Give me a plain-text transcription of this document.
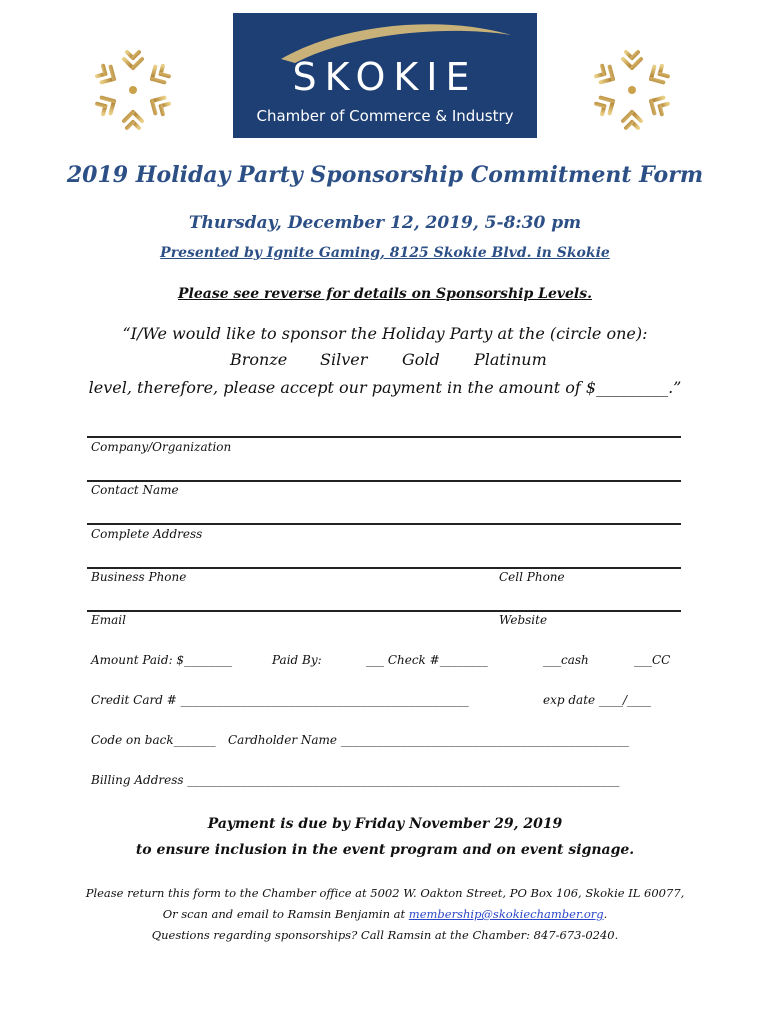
SKOKIE
Chamber of Commerce & Industry
2019 Holiday Party Sponsorship Commitment Form
Thursday, December 12, 2019, 5-8:30 pm
Presented by Ignite Gaming, 8125 Skokie Blvd. in Skokie
Please see reverse for details on Sponsorship Levels.
“I/We would like to sponsor the Holiday Party at the (circle one):
Bronze Silver Gold Platinum
level, therefore, please accept our payment in the amount of $_________.”
Company/Organization
Contact Name
Complete Address
Business Phone	Cell Phone
Email	Website
Amount Paid: $________	Paid By:	___ Check #________	___cash	___CC
Credit Card # ________________________________________________	exp date ____/____
Code on back_______ Cardholder Name ________________________________________________
Billing Address ________________________________________________________________________
Payment is due by Friday November 29, 2019
to ensure inclusion in the event program and on event signage.
Please return this form to the Chamber office at 5002 W. Oakton Street, PO Box 106, Skokie IL 60077,
Or scan and email to Ramsin Benjamin at membership@skokiechamber.org.
Questions regarding sponsorships? Call Ramsin at the Chamber: 847-673-0240.
